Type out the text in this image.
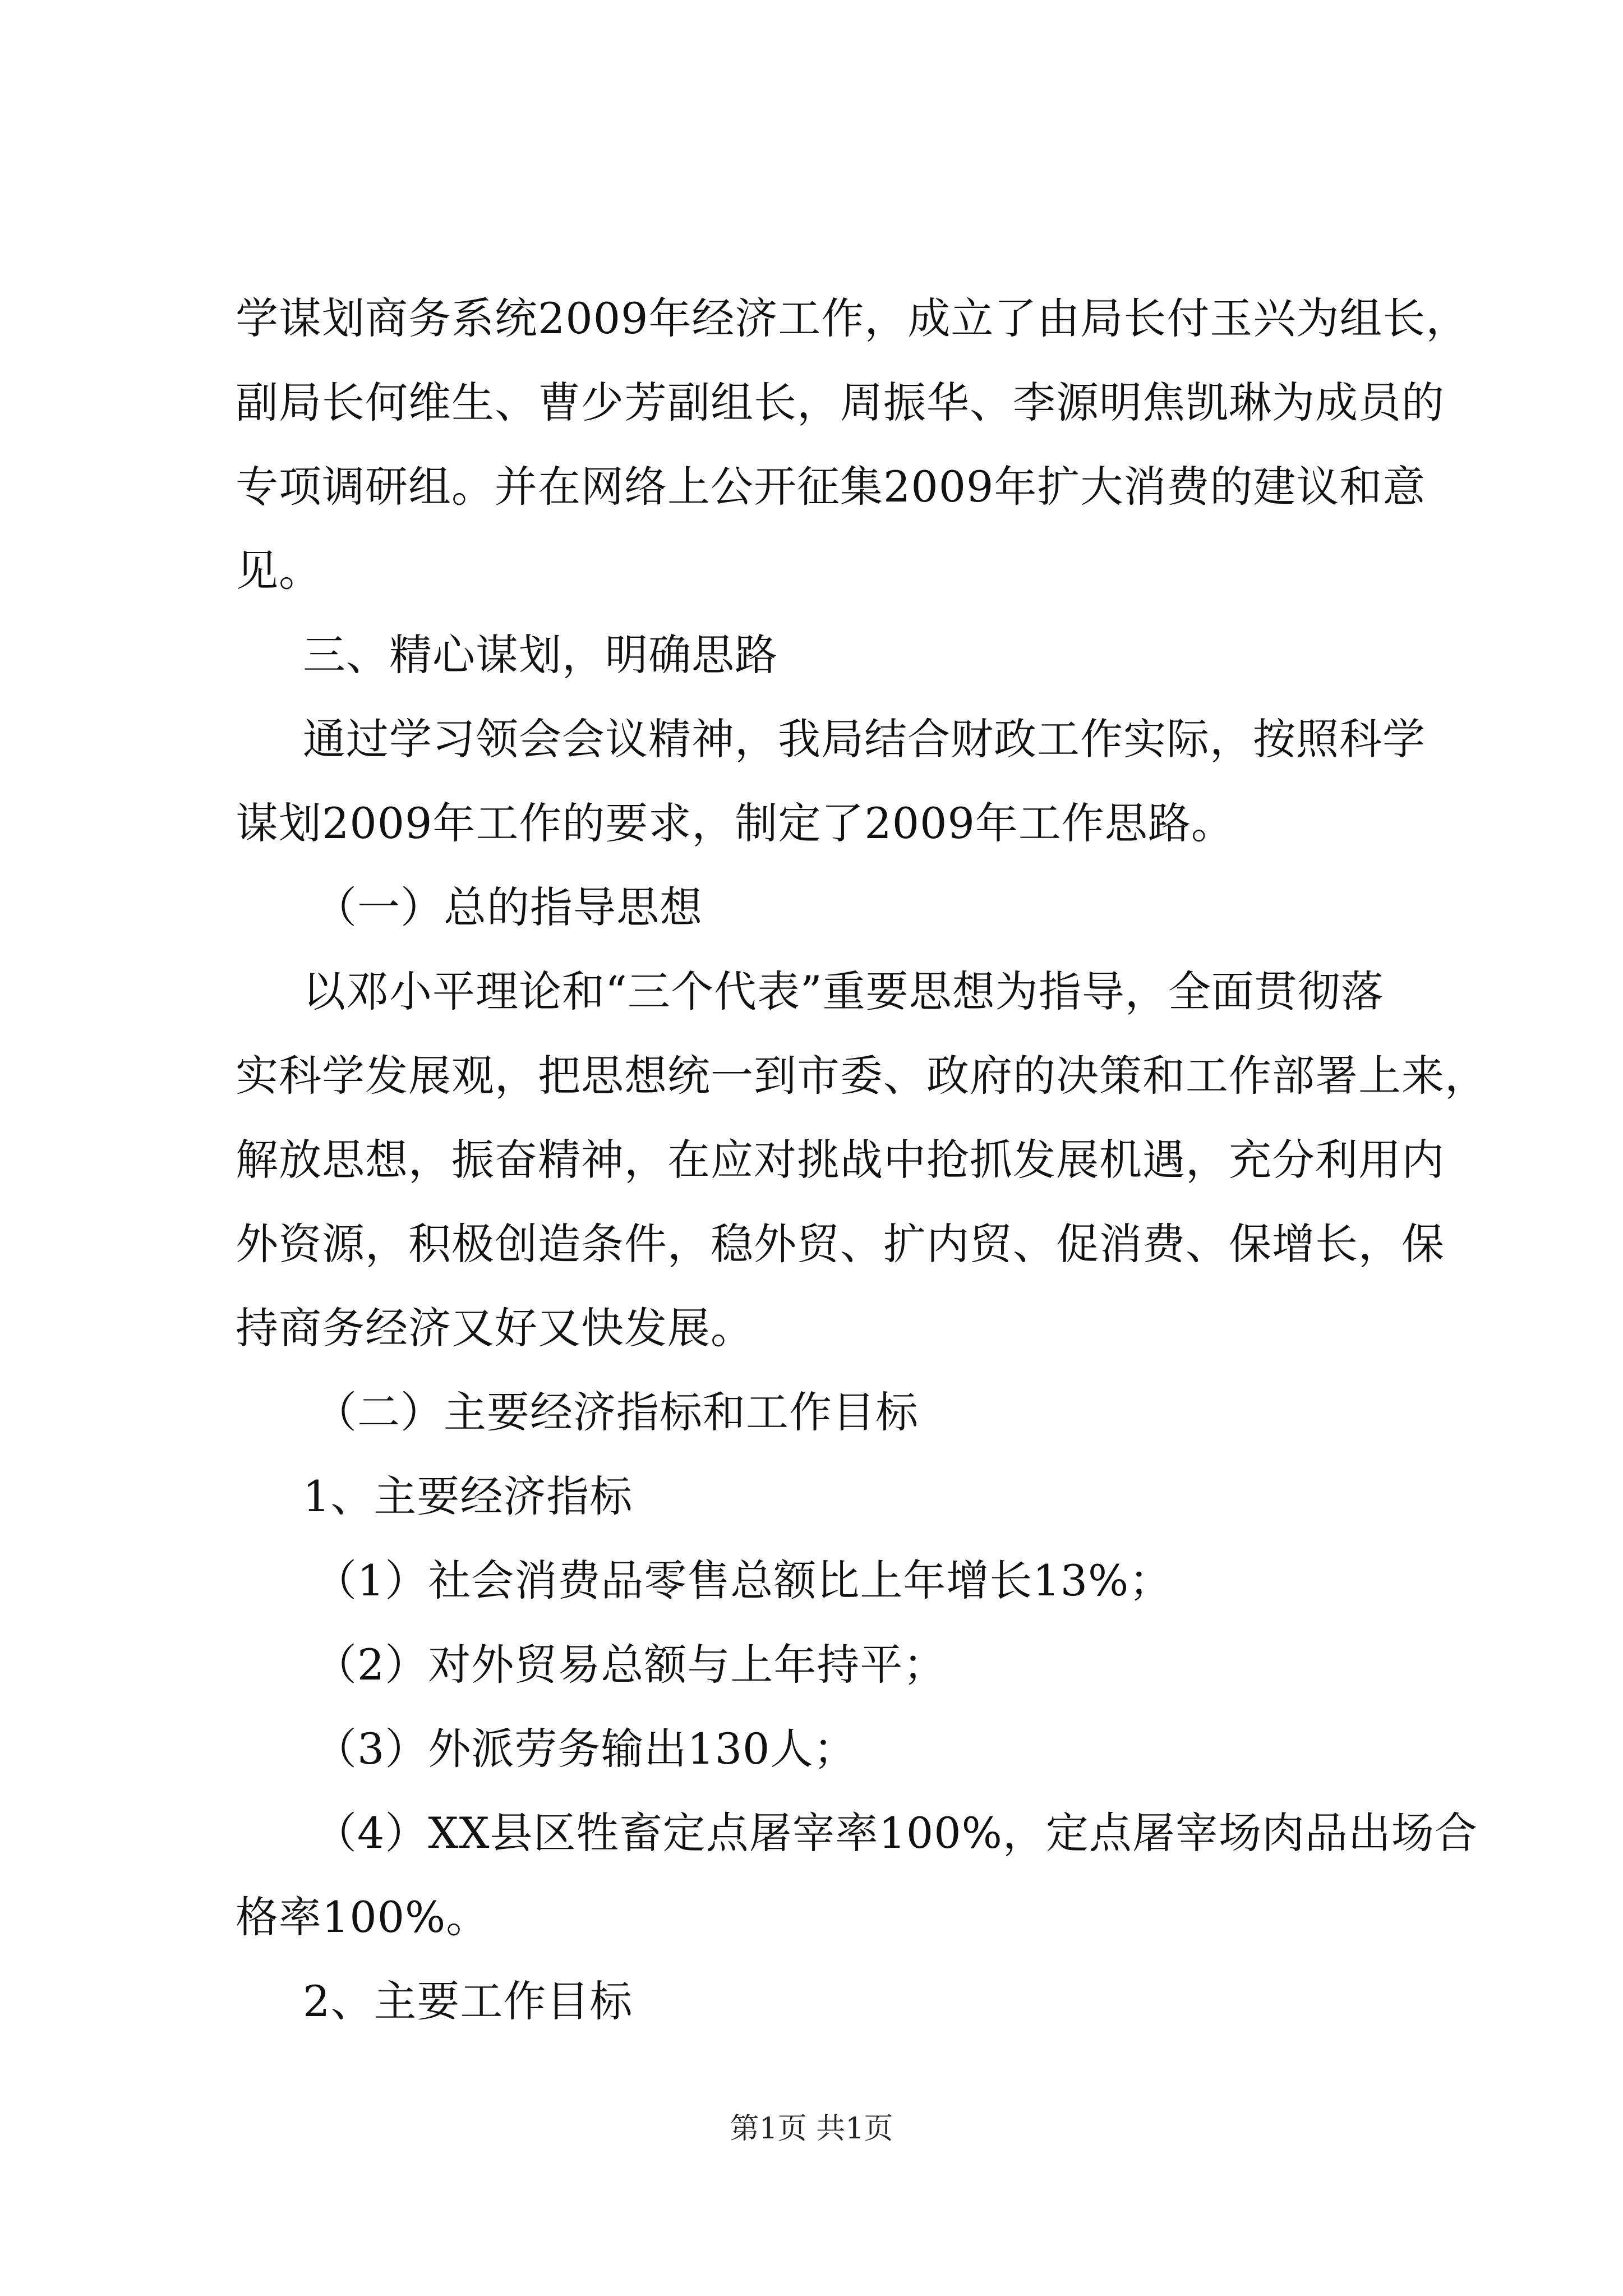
学谋划商务系统2009年经济工作，成立了由局长付玉兴为组长，
副局长何维生、曹少芳副组长，周振华、李源明焦凯琳为成员的
专项调研组。并在网络上公开征集2009年扩大消费的建议和意
见。
三、精心谋划，明确思路
通过学习领会会议精神，我局结合财政工作实际，按照科学
谋划2009年工作的要求，制定了2009年工作思路。
（一）总的指导思想
以邓小平理论和“三个代表”重要思想为指导，全面贯彻落
实科学发展观，把思想统一到市委、政府的决策和工作部署上来，
解放思想，振奋精神，在应对挑战中抢抓发展机遇，充分利用内
外资源，积极创造条件，稳外贸、扩内贸、促消费、保增长，保
持商务经济又好又快发展。
（二）主要经济指标和工作目标
1、主要经济指标
（1）社会消费品零售总额比上年增长13%；
（2）对外贸易总额与上年持平；
（3）外派劳务输出130人；
（4）XX县区牲畜定点屠宰率100%，定点屠宰场肉品出场合
格率100%。
2、主要工作目标
第1页 共1页
